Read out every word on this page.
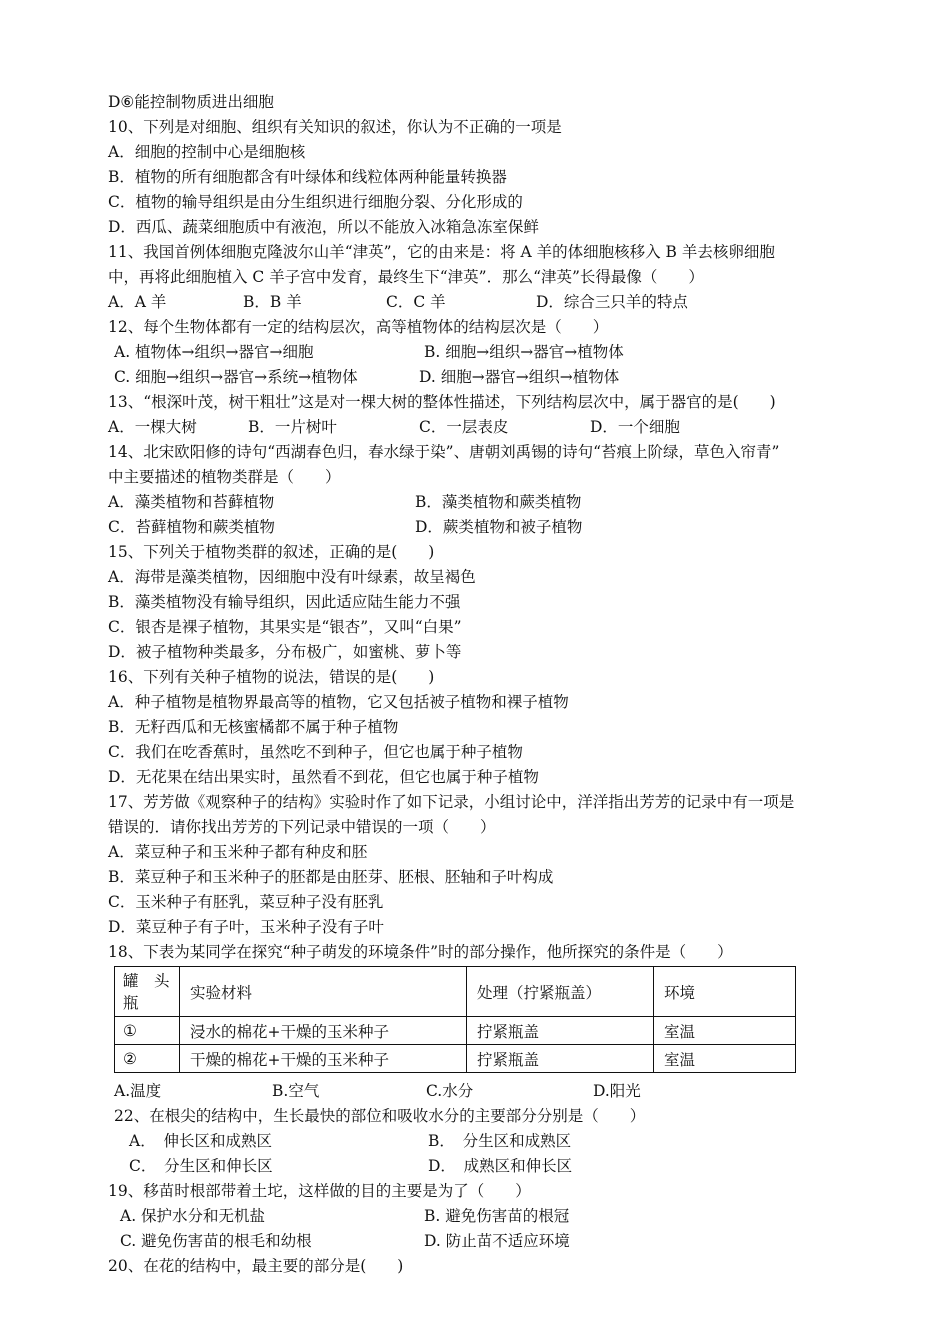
D⑥能控制物质进出细胞
10、下列是对细胞、组织有关知识的叙述，你认为不正确的一项是
A．细胞的控制中心是细胞核
B．植物的所有细胞都含有叶绿体和线粒体两种能量转换器
C．植物的输导组织是由分生组织进行细胞分裂、分化形成的
D．西瓜、蔬菜细胞质中有液泡，所以不能放入冰箱急冻室保鲜
11、我国首例体细胞克隆波尔山羊“津英”，它的由来是：将 A 羊的体细胞核移入 B 羊去核卵细胞
中，再将此细胞植入 C 羊子宫中发育，最终生下“津英”．那么“津英”长得最像（　　）
A．A 羊	B．B 羊	C．C 羊	D．综合三只羊的特点
12、每个生物体都有一定的结构层次，高等植物体的结构层次是（　　）
A. 植物体→组织→器官→细胞	B. 细胞→组织→器官→植物体
C. 细胞→组织→器官→系统→植物体	D. 细胞→器官→组织→植物体
13、“根深叶茂，树干粗壮”这是对一棵大树的整体性描述，下列结构层次中，属于器官的是(　　)
A．一棵大树	B．一片树叶	C．一层表皮	D．一个细胞
14、北宋欧阳修的诗句“西湖春色归，春水绿于染”、唐朝刘禹锡的诗句“苔痕上阶绿，草色入帘青”
中主要描述的植物类群是（　　）
A．藻类植物和苔藓植物	B．藻类植物和蕨类植物
C．苔藓植物和蕨类植物	D．蕨类植物和被子植物
15、下列关于植物类群的叙述，正确的是(　　)
A．海带是藻类植物，因细胞中没有叶绿素，故呈褐色
B．藻类植物没有输导组织，因此适应陆生能力不强
C．银杏是裸子植物，其果实是“银杏”，又叫“白果”
D．被子植物种类最多，分布极广，如蜜桃、萝卜等
16、下列有关种子植物的说法，错误的是(　　)
A．种子植物是植物界最高等的植物，它又包括被子植物和裸子植物
B．无籽西瓜和无核蜜橘都不属于种子植物
C．我们在吃香蕉时，虽然吃不到种子，但它也属于种子植物
D．无花果在结出果实时，虽然看不到花，但它也属于种子植物
17、芳芳做《观察种子的结构》实验时作了如下记录，小组讨论中，洋洋指出芳芳的记录中有一项是
错误的．请你找出芳芳的下列记录中错误的一项（　　）
A．菜豆种子和玉米种子都有种皮和胚
B．菜豆种子和玉米种子的胚都是由胚芽、胚根、胚轴和子叶构成
C．玉米种子有胚乳，菜豆种子没有胚乳
D．菜豆种子有子叶，玉米种子没有子叶
18、下表为某同学在探究“种子萌发的环境条件”时的部分操作，他所探究的条件是（　　）
罐　头
瓶	实验材料	处理（拧紧瓶盖）	环境
①	浸水的棉花+干燥的玉米种子	拧紧瓶盖	室温
②	干燥的棉花+干燥的玉米种子	拧紧瓶盖	室温
A.温度	B.空气	C.水分	D.阳光
22、在根尖的结构中，生长最快的部位和吸收水分的主要部分分别是（　　）
A．　伸长区和成熟区	B．　分生区和成熟区
C．　分生区和伸长区	D．　成熟区和伸长区
19、移苗时根部带着土坨，这样做的目的主要是为了（　　）
A. 保护水分和无机盐	B. 避免伤害苗的根冠
C. 避免伤害苗的根毛和幼根	D. 防止苗不适应环境
20、在花的结构中，最主要的部分是(　　)
